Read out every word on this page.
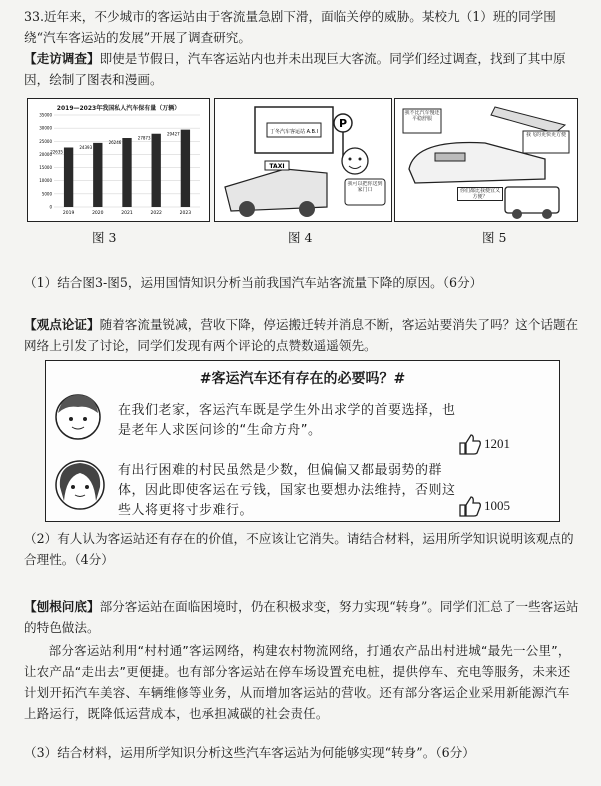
33.近年来，不少城市的客运站由于客流量急剧下滑，面临关停的威胁。某校九（1）班的同学围绕“汽车客运站的发展”开展了调查研究。

【走访调查】即使是节假日，汽车客运站内也并未出现巨大客流。同学们经过调查，找到了其中原因，绘制了图表和漫画。

2019—2023年我国私人汽车保有量（万辆）
35000
30000
25000
20000
15000
10000
5000
0
22635
2019
24393
2020
26246
2021
27873
2022
29427
2023
丁冬汽车客运站 A.B.I
TAXI
P
我可以把你送到家门口
我不比汽车慢还平稳舒服
我飞的更快更方便
你们都比我便宜又方便？
图 3	图 4	图 5

（1）结合图3-图5，运用国情知识分析当前我国汽车站客流量下降的原因。（6分）

【观点论证】随着客流量锐减，营收下降，停运搬迁转并消息不断，客运站要消失了吗？这个话题在网络上引发了讨论，同学们发现有两个评论的点赞数遥遥领先。

#客运汽车还有存在的必要吗？#
在我们老家，客运汽车既是学生外出求学的首要选择，也是老年人求医问诊的“生命方舟”。
1201
有出行困难的村民虽然是少数，但偏偏又都最弱势的群体，因此即使客运在亏钱，国家也要想办法维持，否则这些人将更将寸步难行。	1005

（2）有人认为客运站还有存在的价值，不应该让它消失。请结合材料，运用所学知识说明该观点的合理性。（4分）

【刨根问底】部分客运站在面临困境时，仍在积极求变，努力实现“转身”。同学们汇总了一些客运站的特色做法。

部分客运站利用“村村通”客运网络，构建农村物流网络，打通农产品出村进城“最先一公里”，让农产品“走出去”更便捷。也有部分客运站在停车场设置充电桩，提供停车、充电等服务，未来还计划开拓汽车美容、车辆维修等业务，从而增加客运站的营收。还有部分客运企业采用新能源汽车上路运行，既降低运营成本，也承担减碳的社会责任。

（3）结合材料，运用所学知识分析这些汽车客运站为何能够实现“转身”。（6分）
